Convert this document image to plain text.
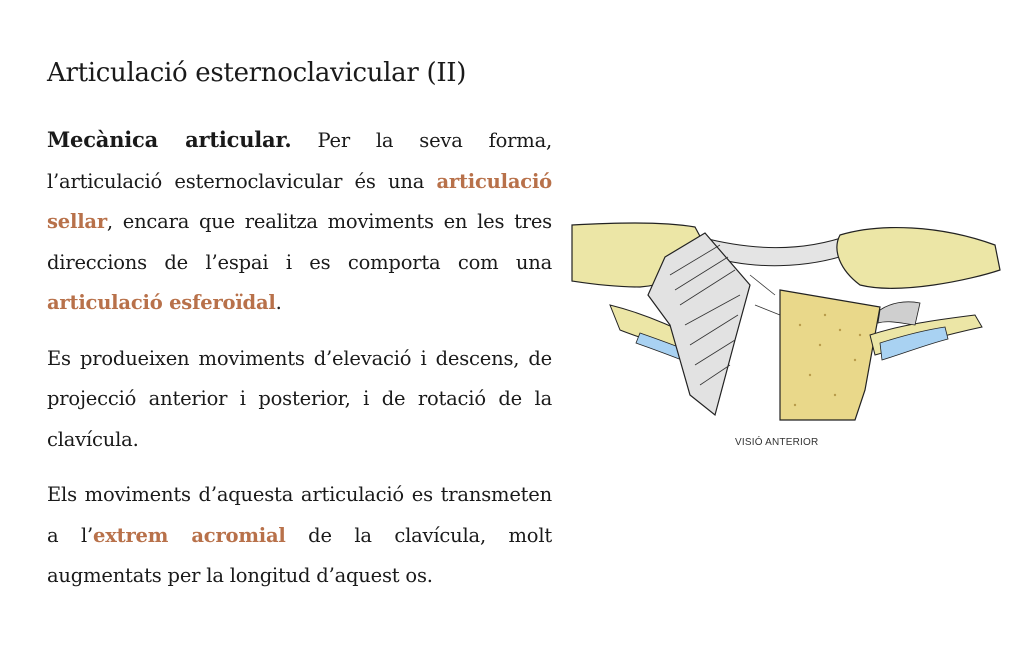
Articulació esternoclavicular (II)

Mecànica articular. Per la seva forma, l’articulació esternoclavicular és una articulació sellar, encara que realitza moviments en les tres direccions de l’espai i es comporta com una articulació esferoïdal.

Es produeixen moviments d’elevació i descens, de projecció anterior i posterior, i de rotació de la clavícula.

Els moviments d’aquesta articulació es transmeten a l’extrem acromial de la clavícula, molt augmentats per la longitud d’aquest os.

VISIÓ ANTERIOR
